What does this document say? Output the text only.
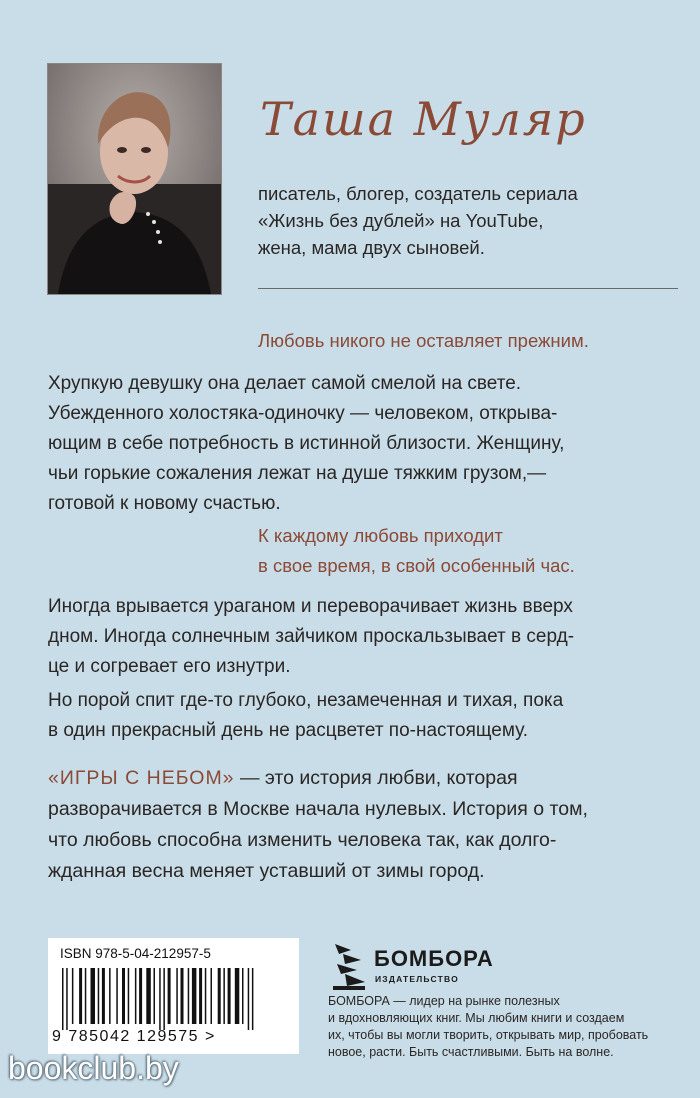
Таша Муляр

писатель, блогер, создатель сериала
«Жизнь без дублей» на YouTube,
жена, мама двух сыновей.

Любовь никого не оставляет прежним.

Хрупкую девушку она делает самой смелой на свете.
Убежденного холостяка-одиночку — человеком, открыва-
ющим в себе потребность в истинной близости. Женщину,
чьи горькие сожаления лежат на душе тяжким грузом,—
готовой к новому счастью.

К каждому любовь приходит
в свое время, в свой особенный час.

Иногда врывается ураганом и переворачивает жизнь вверх
дном. Иногда солнечным зайчиком проскальзывает в серд-
це и согревает его изнутри.

Но порой спит где-то глубоко, незамеченная и тихая, пока
в один прекрасный день не расцветет по-настоящему.

«ИГРЫ С НЕБОМ» — это история любви, которая
разворачивается в Москве начала нулевых. История о том,
что любовь способна изменить человека так, как долго-
жданная весна меняет уставший от зимы город.

ISBN 978-5-04-212957-5
9 785042 129575 >
БОМБОРА
ИЗДАТЕЛЬСТВО

БОМБОРА — лидер на рынке полезных
и вдохновляющих книг. Мы любим книги и создаем
их, чтобы вы могли творить, открывать мир, пробовать
новое, расти. Быть счастливыми. Быть на волне.

bookclub.by
